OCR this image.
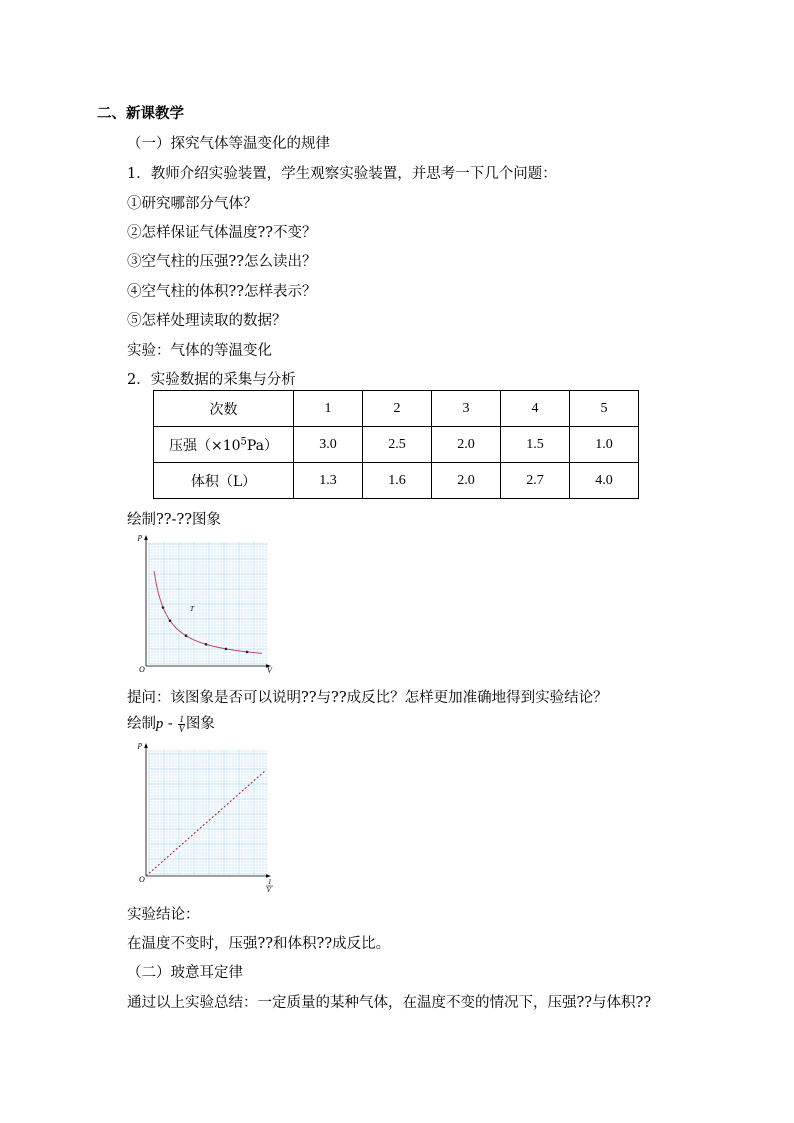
二、新课教学
（一）探究气体等温变化的规律
1．教师介绍实验装置，学生观察实验装置，并思考一下几个问题：
①研究哪部分气体？
②怎样保证气体温度??不变？
③空气柱的压强??怎么读出？
④空气柱的体积??怎样表示？
⑤怎样处理读取的数据？
实验：气体的等温变化
2．实验数据的采集与分析
次数	1	2	3	4	5
压强$(\times 10^5Pa)$	3.0	2.5	2.0	1.5	1.0
体积（L）	1.3	1.6	2.0	2.7	4.0
绘制??-??图象
p
O	V
T
提问：该图象是否可以说明??与??成反比？怎样更加准确地得到实验结论？
绘制p - $\frac{1}{V}$ 图象
p
O	1
V
实验结论：
在温度不变时，压强??和体积??成反比。
（二）玻意耳定律
通过以上实验总结：一定质量的某种气体，在温度不变的情况下，压强??与体积??
